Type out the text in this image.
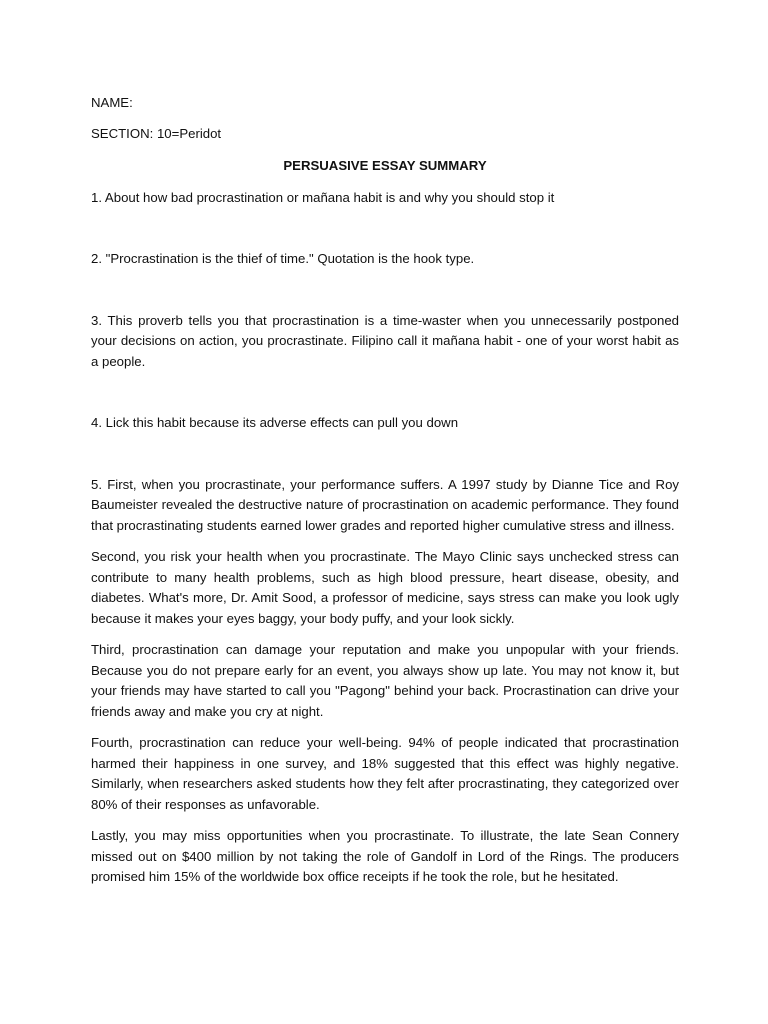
NAME:

SECTION: 10=Peridot

PERSUASIVE ESSAY SUMMARY

1. About how bad procrastination or mañana habit is and why you should stop it

2. "Procrastination is the thief of time." Quotation is the hook type.

3. This proverb tells you that procrastination is a time-waster when you unnecessarily postponed your decisions on action, you procrastinate. Filipino call it mañana habit - one of your worst habit as a people.

4. Lick this habit because its adverse effects can pull you down

5. First, when you procrastinate, your performance suffers. A 1997 study by Dianne Tice and Roy Baumeister revealed the destructive nature of procrastination on academic performance. They found that procrastinating students earned lower grades and reported higher cumulative stress and illness.

Second, you risk your health when you procrastinate. The Mayo Clinic says unchecked stress can contribute to many health problems, such as high blood pressure, heart disease, obesity, and diabetes. What's more, Dr. Amit Sood, a professor of medicine, says stress can make you look ugly because it makes your eyes baggy, your body puffy, and your look sickly.

Third, procrastination can damage your reputation and make you unpopular with your friends. Because you do not prepare early for an event, you always show up late. You may not know it, but your friends may have started to call you "Pagong" behind your back. Procrastination can drive your friends away and make you cry at night.

Fourth, procrastination can reduce your well-being. 94% of people indicated that procrastination harmed their happiness in one survey, and 18% suggested that this effect was highly negative. Similarly, when researchers asked students how they felt after procrastinating, they categorized over 80% of their responses as unfavorable.

Lastly, you may miss opportunities when you procrastinate. To illustrate, the late Sean Connery missed out on $400 million by not taking the role of Gandolf in Lord of the Rings. The producers promised him 15% of the worldwide box office receipts if he took the role, but he hesitated.
